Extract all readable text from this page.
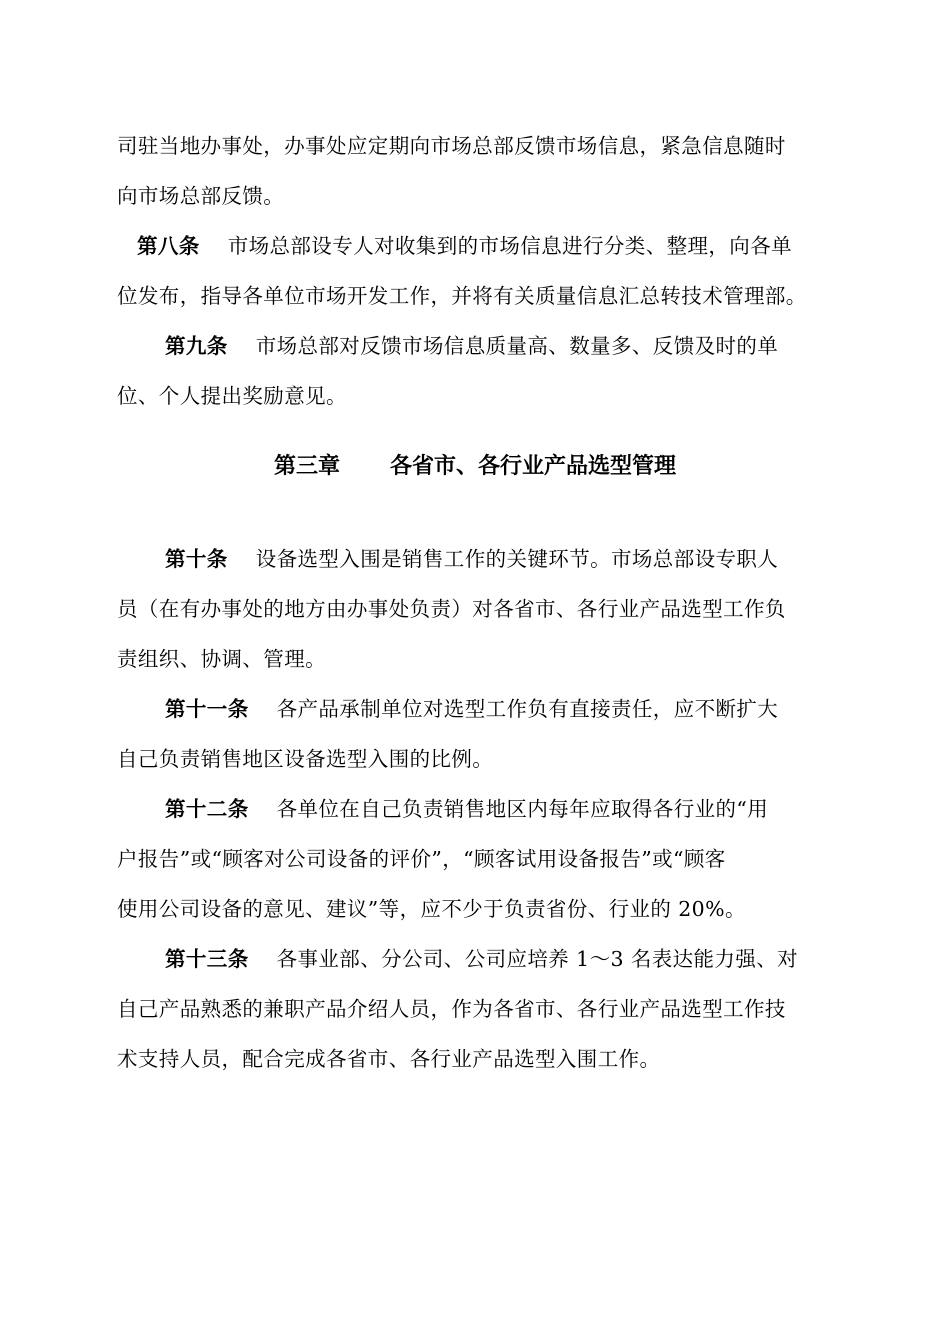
司驻当地办事处，办事处应定期向市场总部反馈市场信息，紧急信息随时
向市场总部反馈。
第八条 市场总部设专人对收集到的市场信息进行分类、整理，向各单
位发布，指导各单位市场开发工作，并将有关质量信息汇总转技术管理部。
第九条 市场总部对反馈市场信息质量高、数量多、反馈及时的单
位、个人提出奖励意见。
第三章 各省市、各行业产品选型管理
第十条 设备选型入围是销售工作的关键环节。市场总部设专职人
员（在有办事处的地方由办事处负责）对各省市、各行业产品选型工作负
责组织、协调、管理。
第十一条 各产品承制单位对选型工作负有直接责任，应不断扩大
自己负责销售地区设备选型入围的比例。
第十二条 各单位在自己负责销售地区内每年应取得各行业的“用
户报告”或“顾客对公司设备的评价”，“顾客试用设备报告”或“顾客
使用公司设备的意见、建议”等，应不少于负责省份、行业的 20%。
第十三条 各事业部、分公司、公司应培养 1～3 名表达能力强、对
自己产品熟悉的兼职产品介绍人员，作为各省市、各行业产品选型工作技
术支持人员，配合完成各省市、各行业产品选型入围工作。
